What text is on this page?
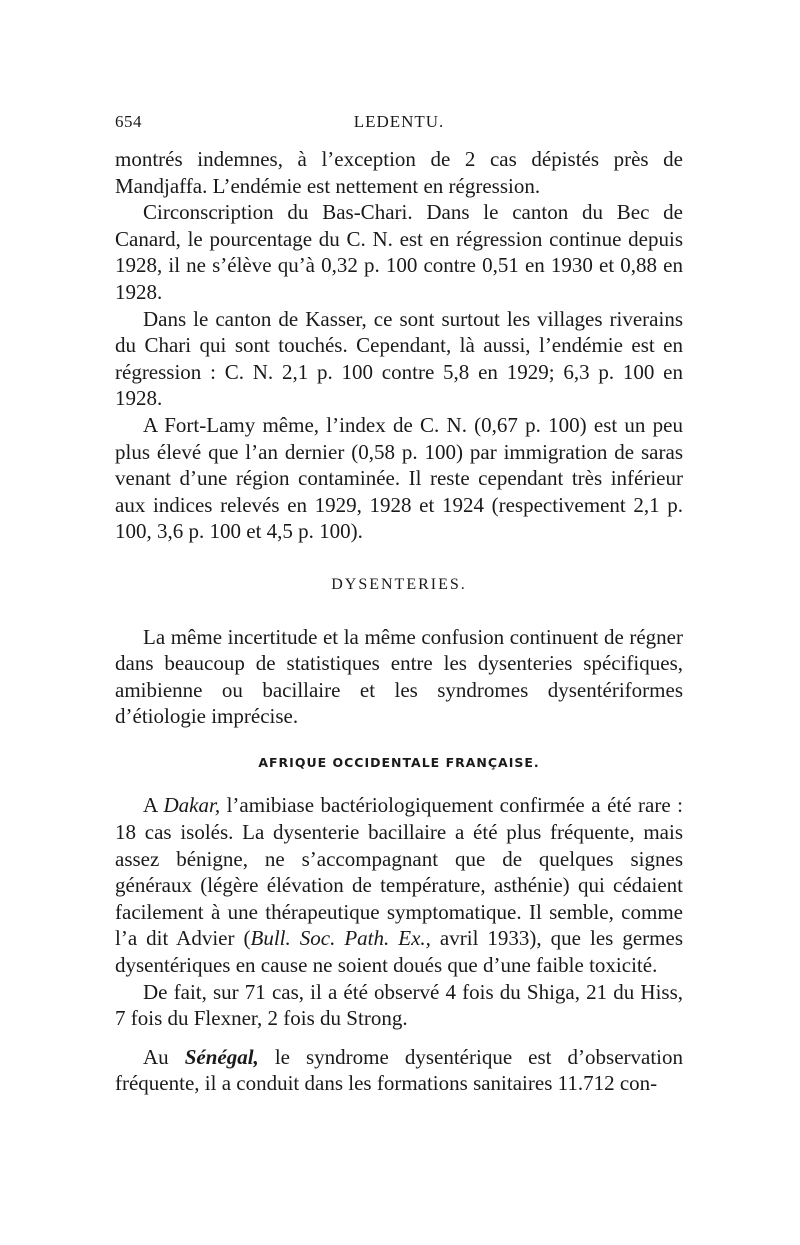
654	LEDENTU.

montrés indemnes, à l’exception de 2 cas dépistés près de Mandjaffa. L’endémie est nettement en régression.

Circonscription du Bas-Chari. Dans le canton du Bec de Canard, le pourcentage du C. N. est en régression continue depuis 1928, il ne s’élève qu’à 0,32 p. 100 contre 0,51 en 1930 et 0,88 en 1928.

Dans le canton de Kasser, ce sont surtout les villages riverains du Chari qui sont touchés. Cependant, là aussi, l’endémie est en régression : C. N. 2,1 p. 100 contre 5,8 en 1929; 6,3 p. 100 en 1928.

A Fort-Lamy même, l’index de C. N. (0,67 p. 100) est un peu plus élevé que l’an dernier (0,58 p. 100) par immigration de saras venant d’une région contaminée. Il reste cependant très inférieur aux indices relevés en 1929, 1928 et 1924 (respectivement 2,1 p. 100, 3,6 p. 100 et 4,5 p. 100).

DYSENTERIES.

La même incertitude et la même confusion continuent de régner dans beaucoup de statistiques entre les dysenteries spécifiques, amibienne ou bacillaire et les syndromes dysentériformes d’étiologie imprécise.

AFRIQUE OCCIDENTALE FRANÇAISE.

A Dakar, l’amibiase bactériologiquement confirmée a été rare : 18 cas isolés. La dysenterie bacillaire a été plus fréquente, mais assez bénigne, ne s’accompagnant que de quelques signes généraux (légère élévation de température, asthénie) qui cédaient facilement à une thérapeutique symptomatique. Il semble, comme l’a dit Advier (Bull. Soc. Path. Ex., avril 1933), que les germes dysentériques en cause ne soient doués que d’une faible toxicité.

De fait, sur 71 cas, il a été observé 4 fois du Shiga, 21 du Hiss, 7 fois du Flexner, 2 fois du Strong.

Au Sénégal, le syndrome dysentérique est d’observation fréquente, il a conduit dans les formations sanitaires 11.712 con-
